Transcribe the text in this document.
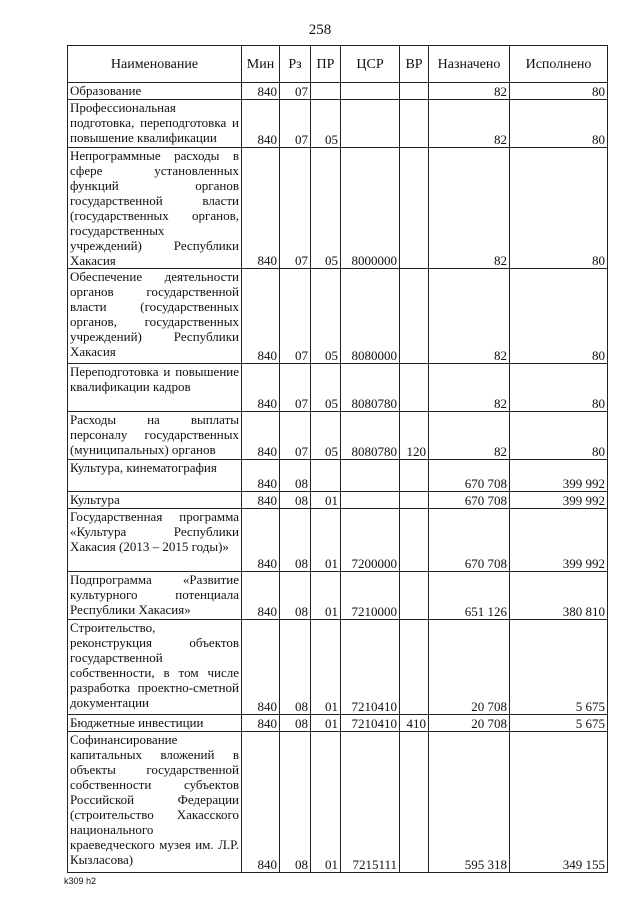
258
Наименование	Мин	Рз	ПР	ЦСР	ВР	Назначено	Исполнено
Образование	840	07				82	80
Профессиональная подготовка, переподготовка и повышение квалификации	840	07	05			82	80
Непрограммные расходы в сфере установленных функций органов государственной власти (государственных органов, государственных учреждений) Республики Хакасия	840	07	05	8000000		82	80
Обеспечение деятельности органов государственной власти (государственных органов, государственных учреждений) Республики Хакасия	840	07	05	8080000		82	80
Переподготовка и повышение квалификации кадров	840	07	05	8080780		82	80
Расходы на выплаты персоналу государственных (муниципальных) органов	840	07	05	8080780	120	82	80
Культура, кинематография	840	08				670 708	399 992
Культура	840	08	01			670 708	399 992
Государственная программа «Культура Республики Хакасия (2013 – 2015 годы)»	840	08	01	7200000		670 708	399 992
Подпрограмма «Развитие культурного потенциала Республики Хакасия»	840	08	01	7210000		651 126	380 810
Строительство, реконструкция объектов государственной собственности, в том числе разработка проектно-сметной документации	840	08	01	7210410		20 708	5 675
Бюджетные инвестиции	840	08	01	7210410	410	20 708	5 675
Софинансирование капитальных вложений в объекты государственной собственности субъектов Российской Федерации (строительство Хакасского национального краеведческого музея им. Л.Р. Кызласова)	840	08	01	7215111		595 318	349 155
k309 h2
